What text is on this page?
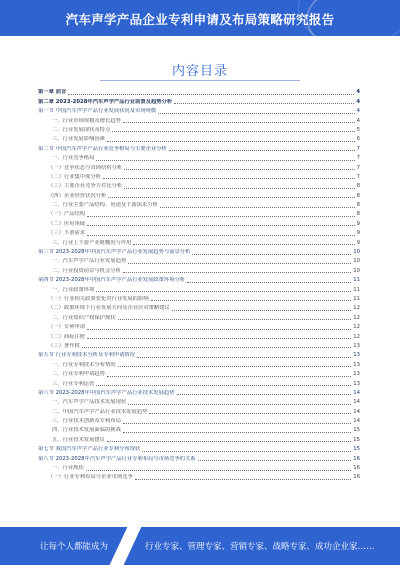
汽车声学产品企业专利申请及布局策略研究报告
内容目录
第一章 前言	4
第二章 2023-2028年汽车声学产品行业前景及趋势分析	4
第一节 中国汽车声学产品行业发展状况及市场规模	4
一、行业市场规模及增长趋势	4
二、行业发展现状及特点	5
三、行业发展影响因素	6
第二节 中国汽车声学产品行业竞争格局与主要企业分析	7
一、行业竞争格局	7
（一）竞争状态与市场结构分析	7
（二）行业集中度分析	7
（三）主要企业竞争力对比分析	8
（四）企业经营状况分析	8
二、行业主要产品结构、用途及下游需求分析	8
（一）产品结构	8
（二）应用领域	9
（三）下游需求	9
三、行业上下游产业链概况与作用	9
第三节 2023-2028年中国汽车声学产品行业发展趋势与前景分析	10
一、汽车声学产品行业发展趋势	10
二、行业投资前景与机会分析	10
第四节 2023-2028年中国汽车声学产品行业发展政策环境分析	11
一、行业政策环境	11
（一）行业相关政策变化对行业发展的影响	11
（二）政策环境下行业发展方向及企业应对策略建议	12
二、行业知识产权保护现状	12
（一）专利申请	12
（二）商标注册	12
（三）著作权	13
第五节 行业专利技术分析及专利申请情况	13
一、行业专利技术分布情况	13
二、行业专利申请趋势	13
三、行业专利运营	13
第六节 2023-2028年中国汽车声学产品行业技术发展趋势	14
一、汽车声学产品技术发展现状	14
二、中国汽车声学产品行业技术发展趋势	14
三、行业技术创新及专利布局	14
四、行业技术发展面临的挑战	15
五、行业技术发展建议	15
第七节 我国汽车声学产品行业专利分布现状	15
第八节 2023-2028年汽车声学产品行业专利布局与市场竞争的关系	16
一、行业现状	16
（一）行业专利布局与企业市场竞争	16
让每个人都能成为	行业专家、管理专家、营销专家、战略专家、成功企业家……
